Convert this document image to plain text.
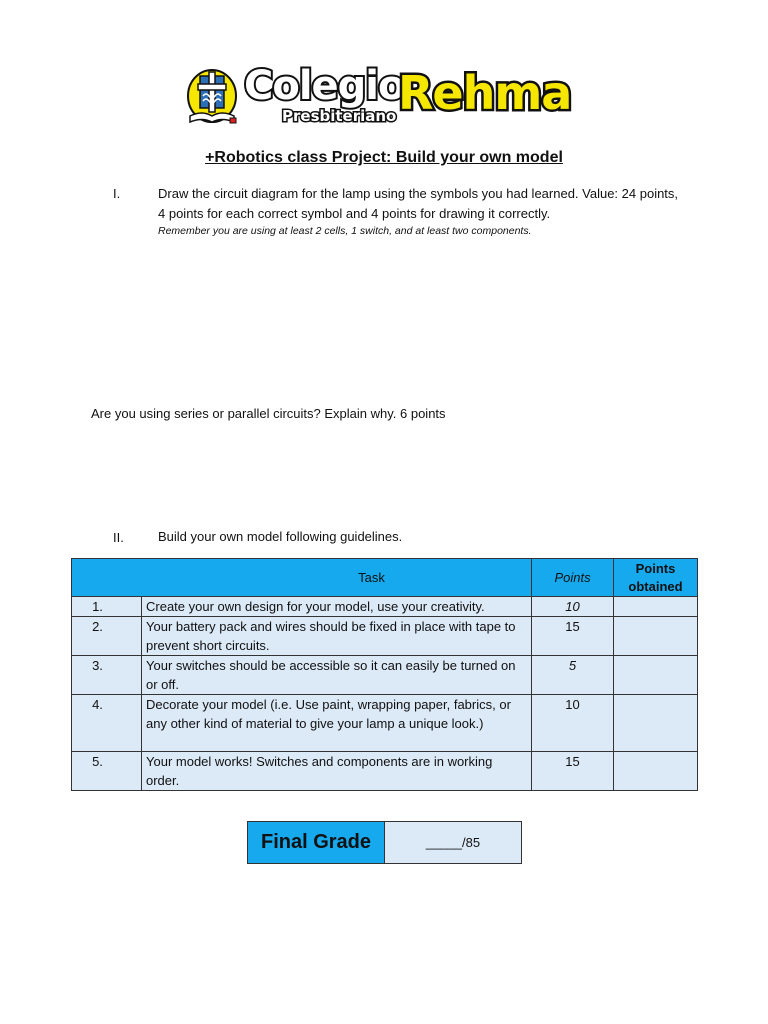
Colegio
Rehma
Presbiteriano
+Robotics class Project: Build your own model
I.	Draw the circuit diagram for the lamp using the symbols you had learned. Value: 24 points, 4 points for each correct symbol and 4 points for drawing it correctly.
Remember you are using at least 2 cells, 1 switch, and at least two components.
Are you using series or parallel circuits? Explain why. 6 points
II.	Build your own model following guidelines.
Task		Points	Points obtained
1.	Create your own design for your model, use your creativity.	10	
2.	Your battery pack and wires should be fixed in place with tape to prevent short circuits.	15	
3.	Your switches should be accessible so it can easily be turned on or off.	5	
4.	Decorate your model (i.e. Use paint, wrapping paper, fabrics, or any other kind of material to give your lamp a unique look.)	10	
5.	Your model works! Switches and components are in working order.	15	
Final Grade	_____/85
